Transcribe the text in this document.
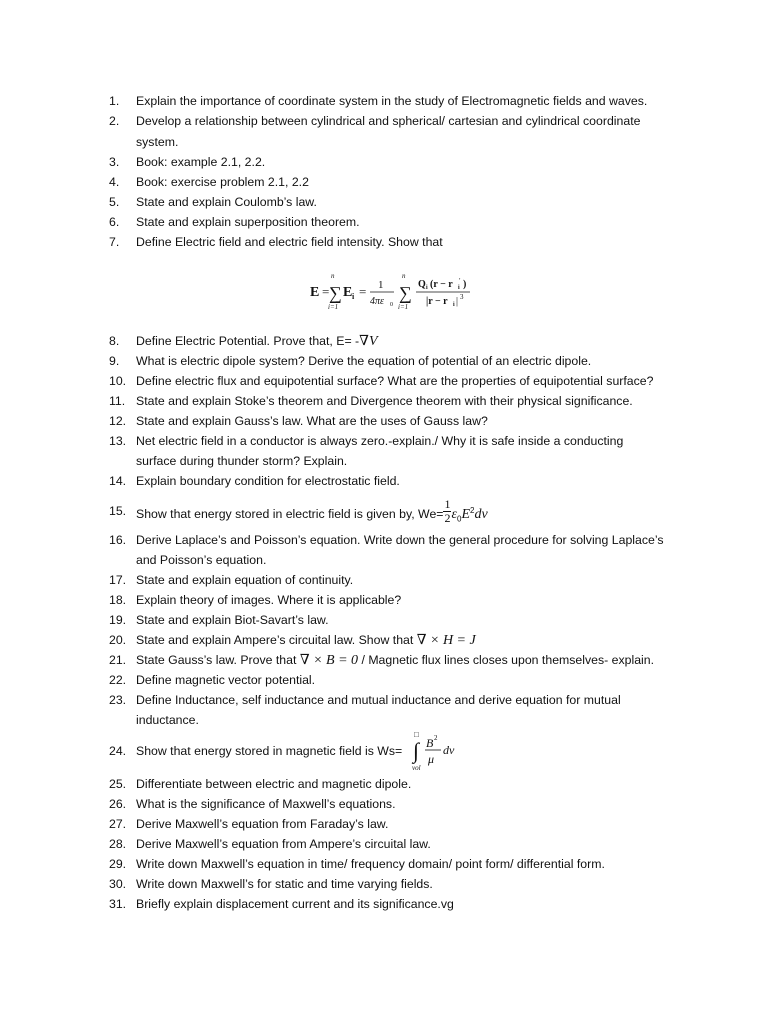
1.	Explain the importance of coordinate system in the study of Electromagnetic fields and waves.
2.	Develop a relationship between cylindrical and spherical/ cartesian and cylindrical coordinate
system.
3.	Book: example 2.1, 2.2.
4.	Book: exercise problem 2.1, 2.2
5.	State and explain Coulomb’s law.
6.	State and explain superposition theorem.
7.	Define Electric field and electric field intensity. Show that
E =
n
∑
i=1
E i = 1
4πε 0
n
∑
i=1
Q i (r − r ′
i )
|r − r i | 3
8.	Define Electric Potential. Prove that, E= -∇V
9.	What is electric dipole system? Derive the equation of potential of an electric dipole.
10. Define electric flux and equipotential surface? What are the properties of equipotential surface?
11. State and explain Stoke’s theorem and Divergence theorem with their physical significance.
12. State and explain Gauss’s law. What are the uses of Gauss law?
13. Net electric field in a conductor is always zero.-explain./ Why it is safe inside a conducting
surface during thunder storm? Explain.
14. Explain boundary condition for electrostatic field.
15. Show that energy stored in electric field is given by, $We= \frac{1}{2} \varepsilon_0E^2dv$
16. Derive Laplace’s and Poisson’s equation. Write down the general procedure for solving Laplace’s
and Poisson’s equation.
17. State and explain equation of continuity.
18. Explain theory of images. Where it is applicable?
19. State and explain Biot-Savart’s law.
20. State and explain Ampere’s circuital law. Show that ∇ × H = J
21. State Gauss’s law. Prove that ∇ × B = 0 / Magnetic flux lines closes upon themselves- explain.
22. Define magnetic vector potential.
23. Define Inductance, self inductance and mutual inductance and derive equation for mutual
inductance.
24. Show that energy stored in magnetic field is Ws=
□
∫
vol
B 2
μ
dv
25. Differentiate between electric and magnetic dipole.
26. What is the significance of Maxwell’s equations.
27. Derive Maxwell’s equation from Faraday’s law.
28. Derive Maxwell’s equation from Ampere’s circuital law.
29. Write down Maxwell’s equation in time/ frequency domain/ point form/ differential form.
30. Write down Maxwell’s for static and time varying fields.
31. Briefly explain displacement current and its significance.vg
